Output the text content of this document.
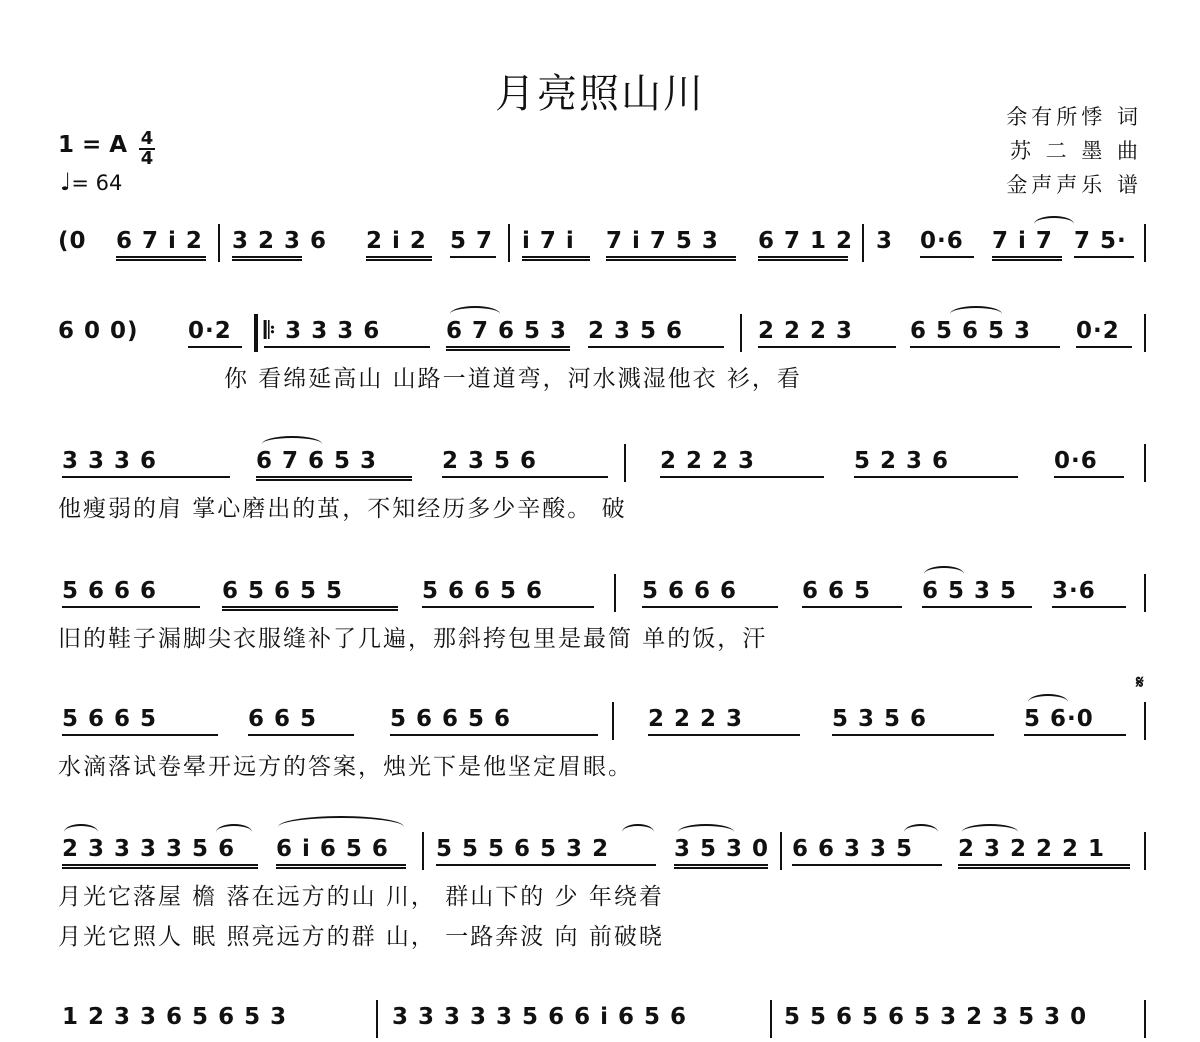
月亮照山川	余有所悸 词
苏 二 墨 曲
金声声乐 谱
1 = A 4
4
♩= 64
(0	6 7 i 2 3 2 3 6 2 i 2 5 7 i 7 i	7 i 7 5 3	6 7 1 2 3 0·6	7 i 7 7 5·
6 0 0)	0·2	𝄆 3 3 3 6	6 7 6 5 3 2 3 5 6	2 2 2 3	6 5 6 5 3	0·2
你 看绵延高山 山路一道道弯，河水溅湿他衣 衫，看
3 3 3 6	6 7 6 5 3	2 3 5 6	2 2 2 3	5 2 3 6	0·6
他瘦弱的肩 掌心磨出的茧，不知经历多少辛酸。 破
5 6 6 6	6 5 6 5 5	5 6 6 5 6	5 6 6 6	6 6 5	6 5 3 5	3·6
旧的鞋子漏脚尖衣服缝补了几遍，那斜挎包里是最简 单的饭，汗
𝄋
5 6 6 5	6 6 5	5 6 6 5 6	2 2 2 3	5 3 5 6	5 6·0
水滴落试卷晕开远方的答案，烛光下是他坚定眉眼。
2 3 3 3 3 5 6	6 i 6 5 6	5 5 5 6 5 3 2	3 5 3 0 6 6 3 3 5	2 3 2 2 2 1
月光它落屋 檐 落在远方的山 川， 群山下的 少 年绕着
月光它照人 眠 照亮远方的群 山， 一路奔波 向 前破晓
1 2 3 3 6 5 6 5 3	3 3 3 3 3 5 6 6 i 6 5 6	5 5 6 5 6 5 3 2 3 5 3 0
